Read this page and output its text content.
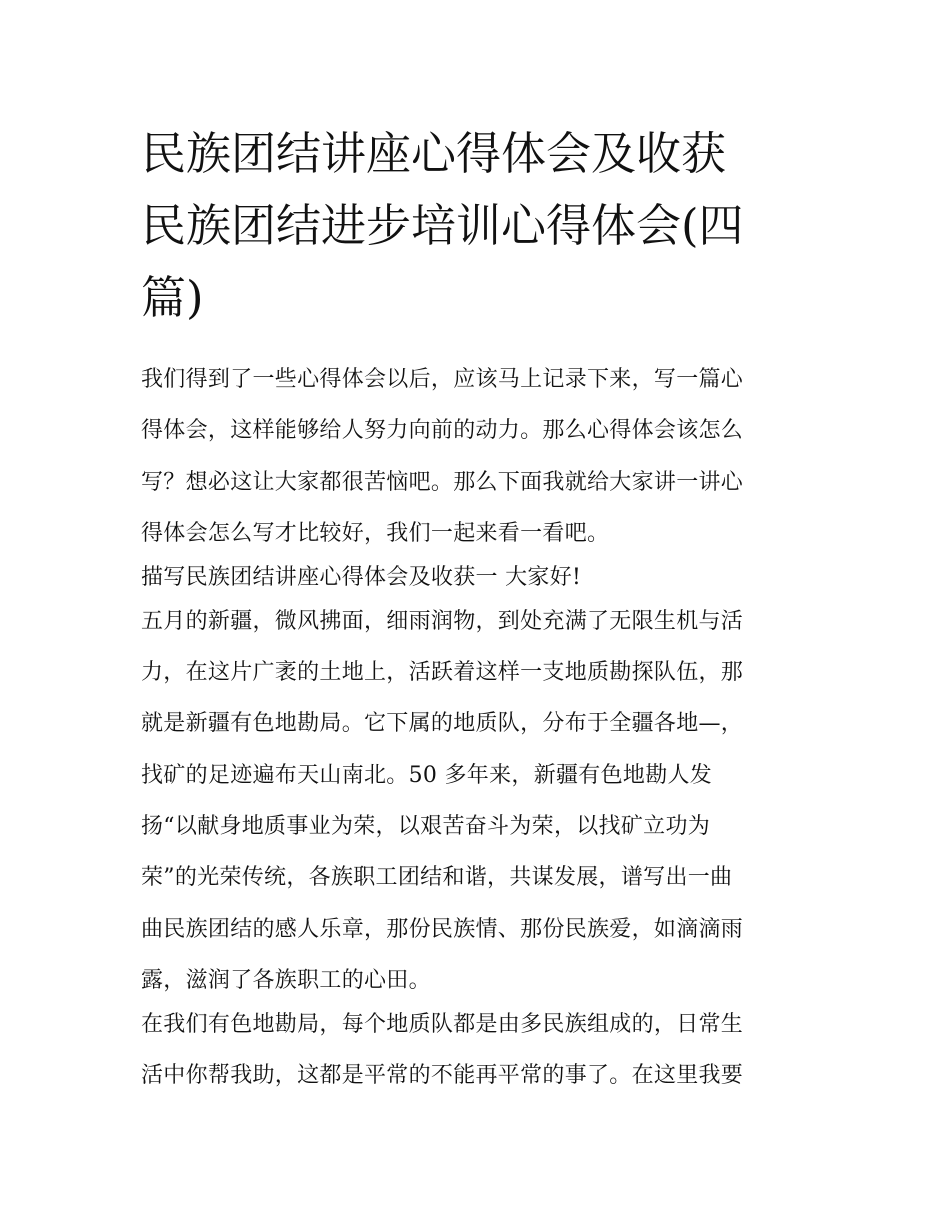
民族团结讲座心得体会及收获
民族团结进步培训心得体会(四
篇)
我们得到了一些心得体会以后，应该马上记录下来，写一篇心
得体会，这样能够给人努力向前的动力。那么心得体会该怎么
写？想必这让大家都很苦恼吧。那么下面我就给大家讲一讲心
得体会怎么写才比较好，我们一起来看一看吧。
描写民族团结讲座心得体会及收获一 大家好!
五月的新疆，微风拂面，细雨润物，到处充满了无限生机与活
力，在这片广袤的土地上，活跃着这样一支地质勘探队伍，那
就是新疆有色地勘局。它下属的地质队，分布于全疆各地—，
找矿的足迹遍布天山南北。50 多年来，新疆有色地勘人发
扬“以献身地质事业为荣，以艰苦奋斗为荣，以找矿立功为
荣”的光荣传统，各族职工团结和谐，共谋发展，谱写出一曲
曲民族团结的感人乐章，那份民族情、那份民族爱，如滴滴雨
露，滋润了各族职工的心田。
在我们有色地勘局，每个地质队都是由多民族组成的，日常生
活中你帮我助，这都是平常的不能再平常的事了。在这里我要
